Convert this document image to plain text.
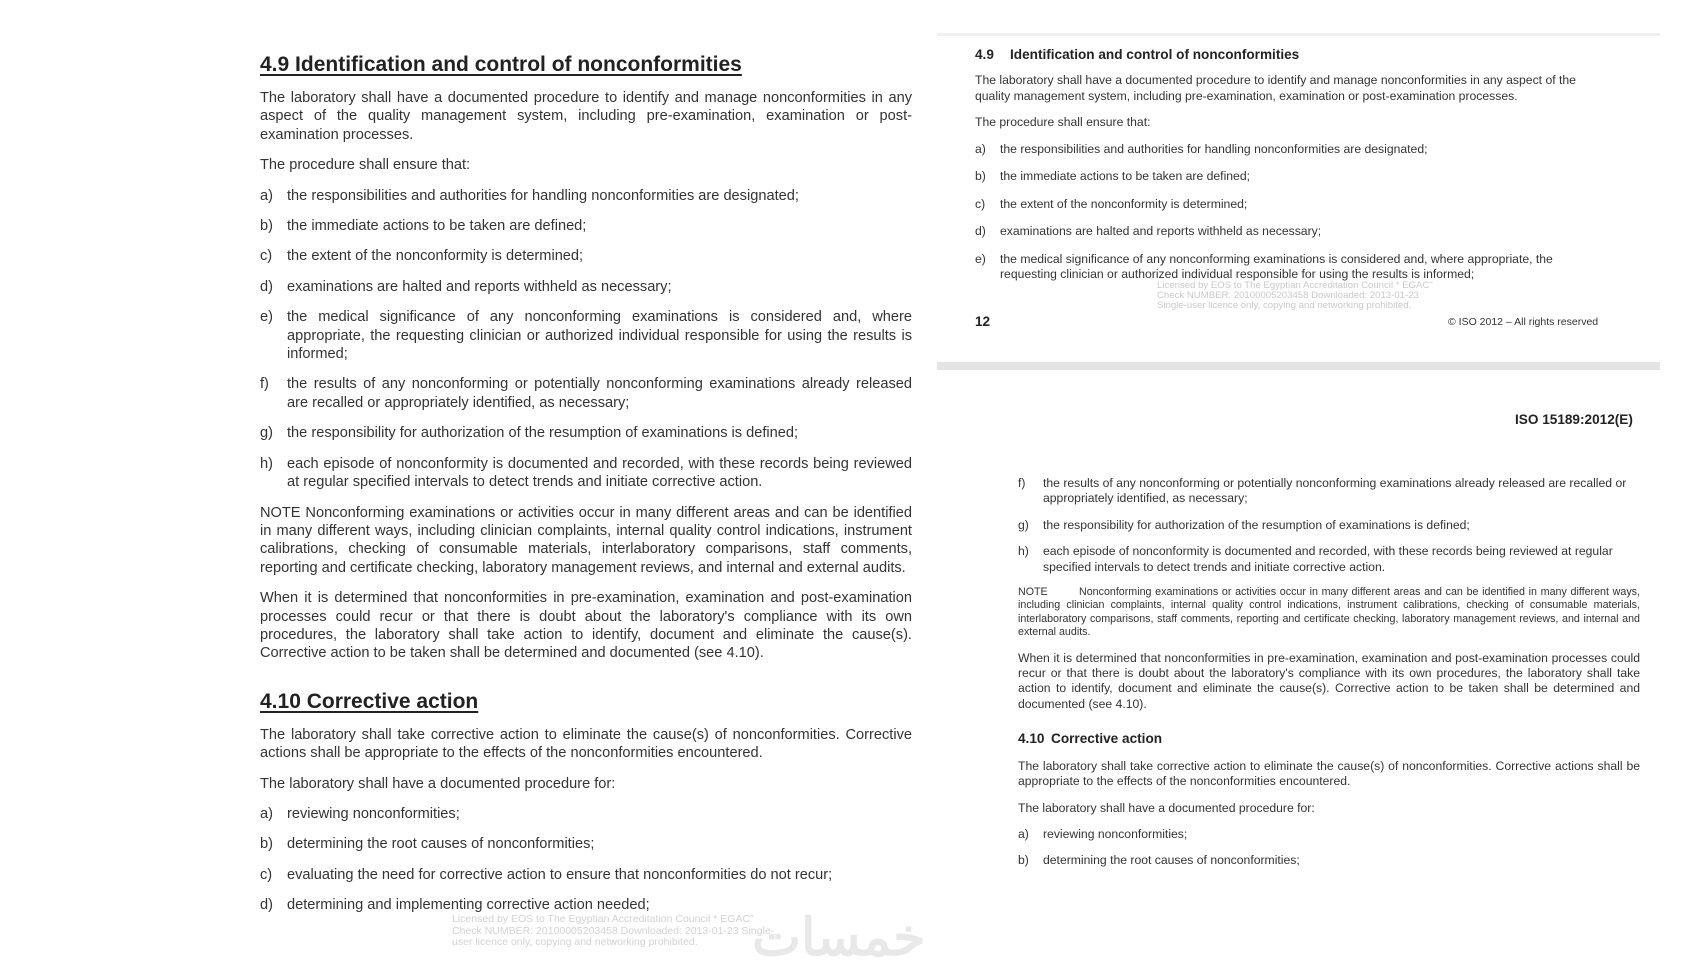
4.9 Identification and control of nonconformities

The laboratory shall have a documented procedure to identify and manage nonconformities in any aspect of the quality management system, including pre-examination, examination or post-examination processes.

The procedure shall ensure that:

a) the responsibilities and authorities for handling nonconformities are designated;
b) the immediate actions to be taken are defined;
c)	the extent of the nonconformity is determined;
d) examinations are halted and reports withheld as necessary;
e) the medical significance of any nonconforming examinations is considered and, where appropriate, the requesting clinician or authorized individual responsible for using the results is informed;
f)	the results of any nonconforming or potentially nonconforming examinations already released are recalled or appropriately identified, as necessary;
g) the responsibility for authorization of the resumption of examinations is defined;
h) each episode of nonconformity is documented and recorded, with these records being reviewed at regular specified intervals to detect trends and initiate corrective action.

NOTE Nonconforming examinations or activities occur in many different areas and can be identified in many different ways, including clinician complaints, internal quality control indications, instrument calibrations, checking of consumable materials, interlaboratory comparisons, staff comments, reporting and certificate checking, laboratory management reviews, and internal and external audits.

When it is determined that nonconformities in pre-examination, examination and post-examination processes could recur or that there is doubt about the laboratory's compliance with its own procedures, the laboratory shall take action to identify, document and eliminate the cause(s). Corrective action to be taken shall be determined and documented (see 4.10).

4.10 Corrective action

The laboratory shall take corrective action to eliminate the cause(s) of nonconformities. Corrective actions shall be appropriate to the effects of the nonconformities encountered.

The laboratory shall have a documented procedure for:

a) reviewing nonconformities;
b) determining the root causes of nonconformities;
c)	evaluating the need for corrective action to ensure that nonconformities do not recur;
d) determining and implementing corrective action needed;
Licensed by EOS to The Egyptian Accreditation Council * EGAC"
Check NUMBER: 20100005203458 Downloaded: 2013-01-23 Single-
user licence only, copying and networking prohibited.	خمسات
4.9 Identification and control of nonconformities

The laboratory shall have a documented procedure to identify and manage nonconformities in any aspect of the quality management system, including pre-examination, examination or post-examination processes.

The procedure shall ensure that:

a)	the responsibilities and authorities for handling nonconformities are designated;
b)	the immediate actions to be taken are defined;
c)	the extent of the nonconformity is determined;
d)	examinations are halted and reports withheld as necessary;
e)	the medical significance of any nonconforming examinations is considered and, where appropriate, the requesting clinician or authorized individual responsible for using the results is informed;
Licensed by EOS to The Egyptian Accreditation Council * EGAC"
Check NUMBER: 20100005203458 Downloaded: 2013-01-23
Single-user licence only, copying and networking prohibited.
12	© ISO 2012 – All rights reserved
ISO 15189:2012(E)
f)	the results of any nonconforming or potentially nonconforming examinations already released are recalled or appropriately identified, as necessary;
g)	the responsibility for authorization of the resumption of examinations is defined;
h)	each episode of nonconformity is documented and recorded, with these records being reviewed at regular specified intervals to detect trends and initiate corrective action.

NOTE	Nonconforming examinations or activities occur in many different areas and can be identified in many different ways, including clinician complaints, internal quality control indications, instrument calibrations, checking of consumable materials, interlaboratory comparisons, staff comments, reporting and certificate checking, laboratory management reviews, and internal and external audits.

When it is determined that nonconformities in pre-examination, examination and post-examination processes could recur or that there is doubt about the laboratory's compliance with its own procedures, the laboratory shall take action to identify, document and eliminate the cause(s). Corrective action to be taken shall be determined and documented (see 4.10).

4.10 Corrective action

The laboratory shall take corrective action to eliminate the cause(s) of nonconformities. Corrective actions shall be appropriate to the effects of the nonconformities encountered.

The laboratory shall have a documented procedure for:

a)	reviewing nonconformities;
b)	determining the root causes of nonconformities;
